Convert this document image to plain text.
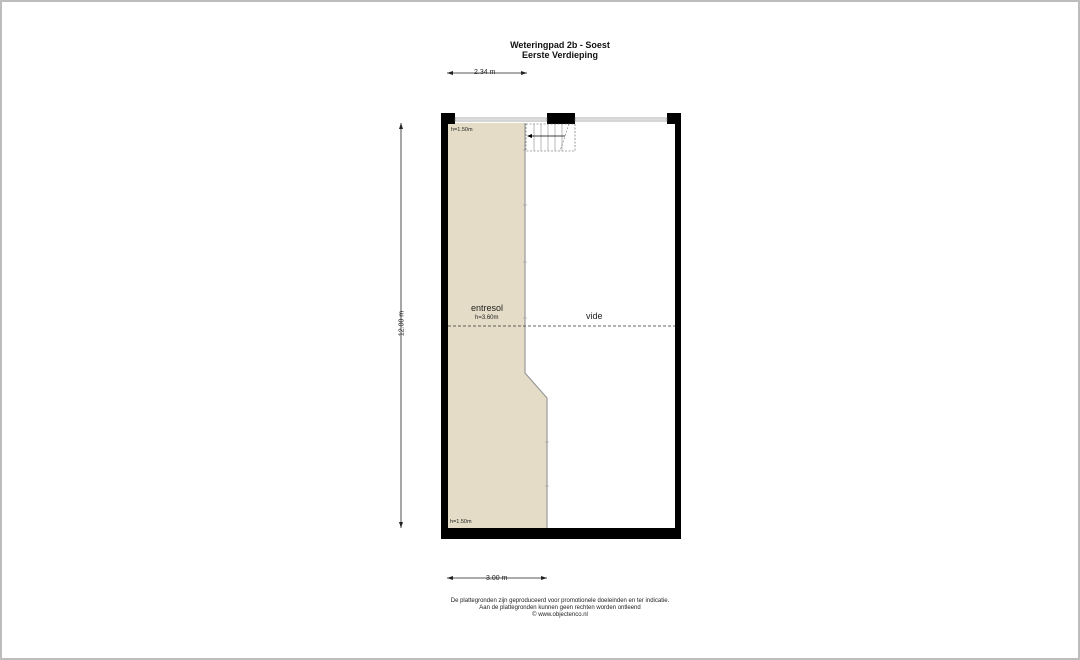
Weteringpad 2b - Soest
Eerste Verdieping
2.34 m
12.00 m
3.00 m
h=1.50m
h=1.50m
entresol
h=3.60m	vide
De plattegronden zijn geproduceerd voor promotionele doeleinden en ter indicatie.
Aan de plattegronden kunnen geen rechten worden ontleend
© www.objectenco.nl
